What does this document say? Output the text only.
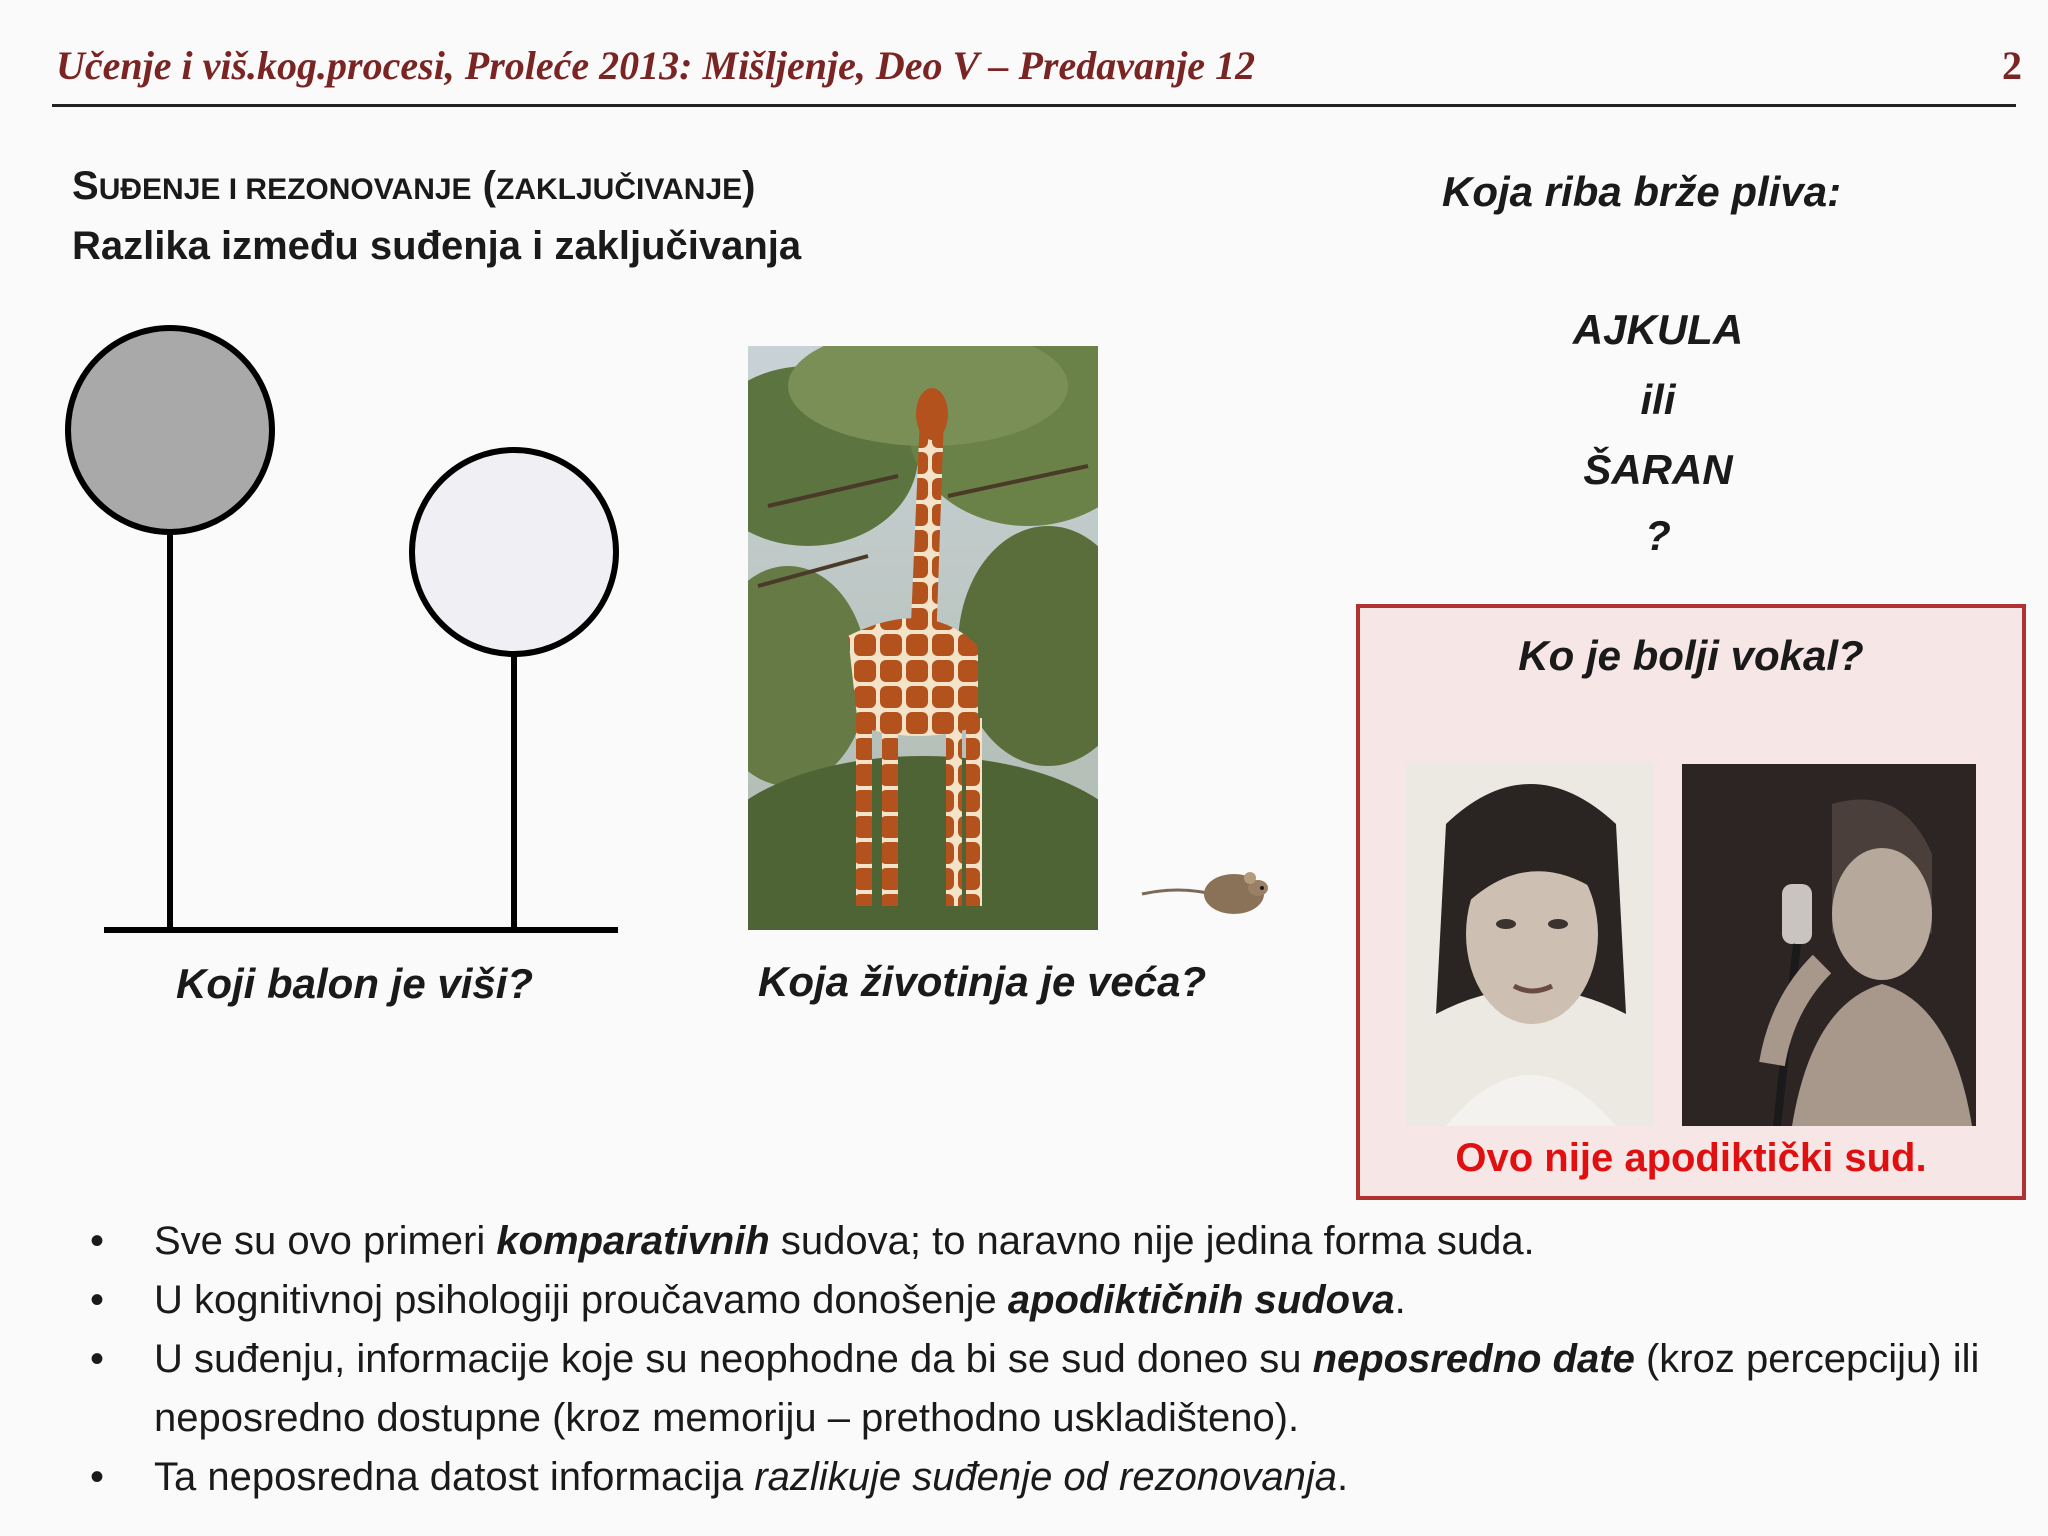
Učenje i viš.kog.procesi, Proleće 2013: Mišljenje, Deo V – Predavanje 12	2
SUĐENJE I REZONOVANJE (ZAKLJUČIVANJE)
Razlika između suđenja i zaključivanja
Koji balon je viši?	Koja životinja je veća?
Koja riba brže pliva:
AJKULA
ili
ŠARAN
?
Ko je bolji vokal?
Ovo nije apodiktički sud.
• Sve su ovo primeri komparativnih sudova; to naravno nije jedina forma suda.
• U kognitivnoj psihologiji proučavamo donošenje apodiktičnih sudova.
• U suđenju, informacije koje su neophodne da bi se sud doneo su neposredno date (kroz percepciju) ili neposredno dostupne (kroz memoriju – prethodno uskladišteno).
• Ta neposredna datost informacija razlikuje suđenje od rezonovanja.
